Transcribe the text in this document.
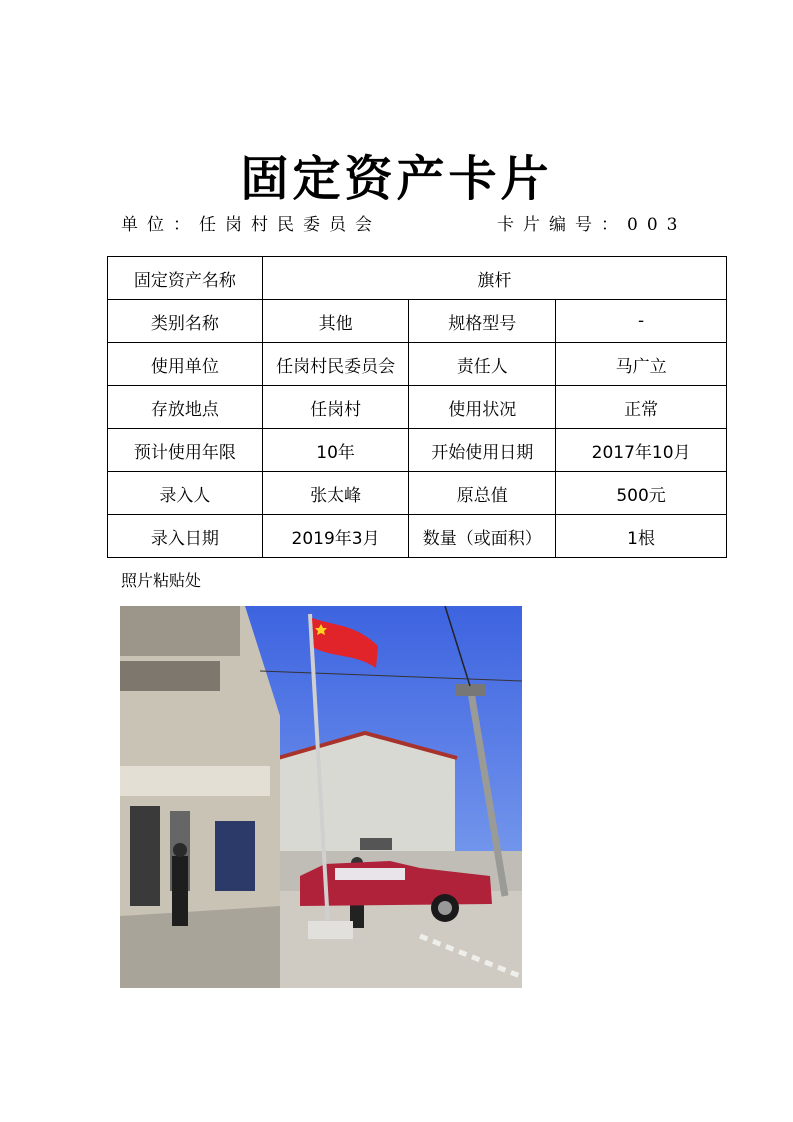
固定资产卡片
单位：任岗村民委员会	卡片编号：003
固定资产名称	旗杆		
类别名称	其他	规格型号	-
使用单位	任岗村民委员会	责任人	马广立
存放地点	任岗村	使用状况	正常
预计使用年限	10年	开始使用日期	2017年10月
录入人	张太峰	原总值	500元
录入日期	2019年3月	数量（或面积）	1根
照片粘贴处
